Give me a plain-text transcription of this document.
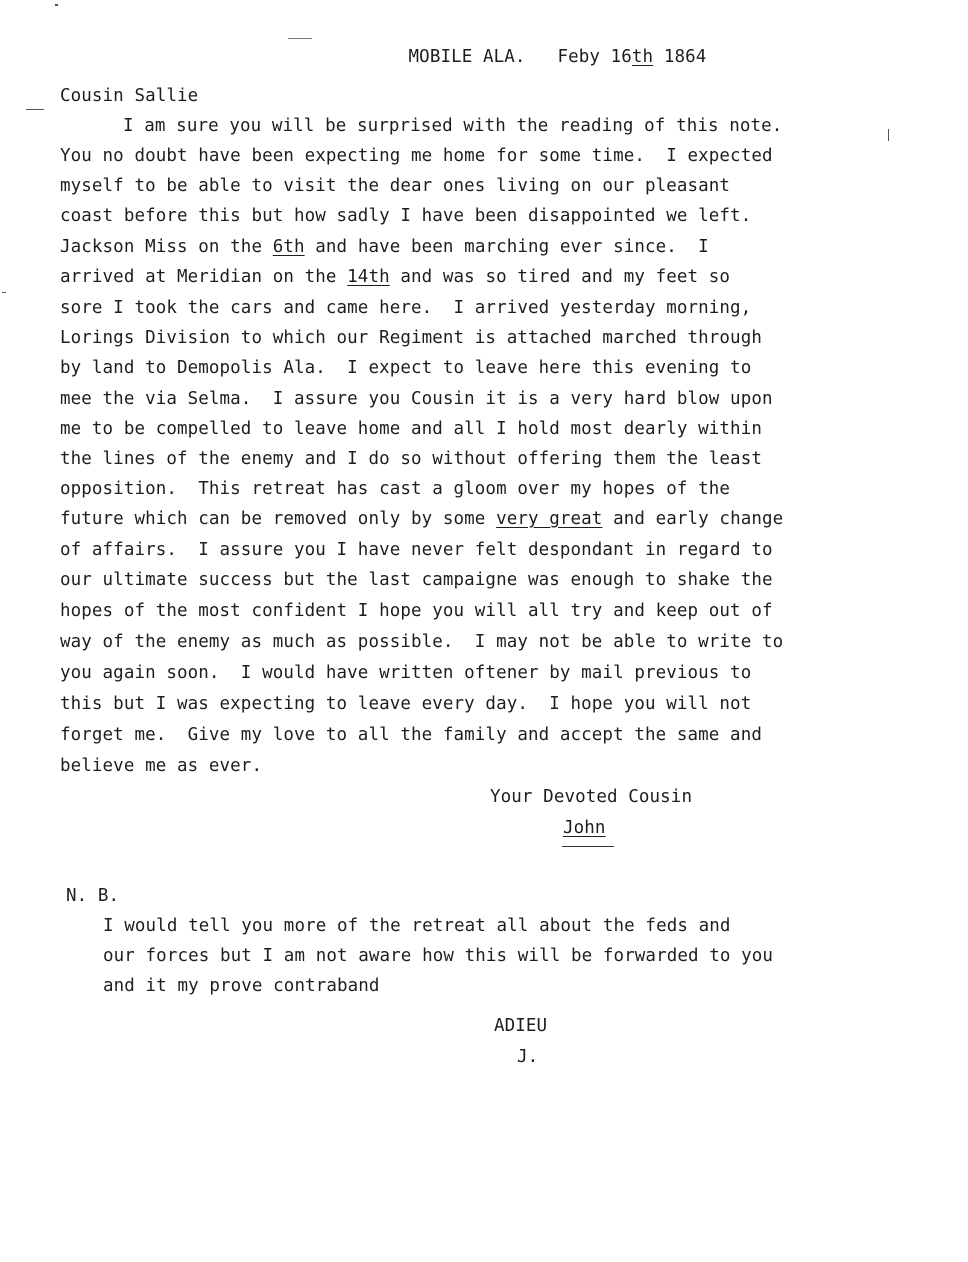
MOBILE ALA. Feby 16th 1864

Cousin Sallie
I am sure you will be surprised with the reading of this note.
You no doubt have been expecting me home for some time.  I expected
myself to be able to visit the dear ones living on our pleasant
coast before this but how sadly I have been disappointed we left.
Jackson Miss on the 6th and have been marching ever since.  I
arrived at Meridian on the 14th and was so tired and my feet so
sore I took the cars and came here.  I arrived yesterday morning,
Lorings Division to which our Regiment is attached marched through
by land to Demopolis Ala.  I expect to leave here this evening to
mee the via Selma.  I assure you Cousin it is a very hard blow upon
me to be compelled to leave home and all I hold most dearly within
the lines of the enemy and I do so without offering them the least
opposition.  This retreat has cast a gloom over my hopes of the
future which can be removed only by some very great and early change
of affairs.  I assure you I have never felt despondant in regard to
our ultimate success but the last campaigne was enough to shake the
hopes of the most confident I hope you will all try and keep out of
way of the enemy as much as possible.  I may not be able to write to
you again soon.  I would have written oftener by mail previous to
this but I was expecting to leave every day.  I hope you will not
forget me.  Give my love to all the family and accept the same and
believe me as ever.
Your Devoted Cousin
John
N. B.
I would tell you more of the retreat all about the feds and
our forces but I am not aware how this will be forwarded to you
and it my prove contraband
ADIEU
J.
